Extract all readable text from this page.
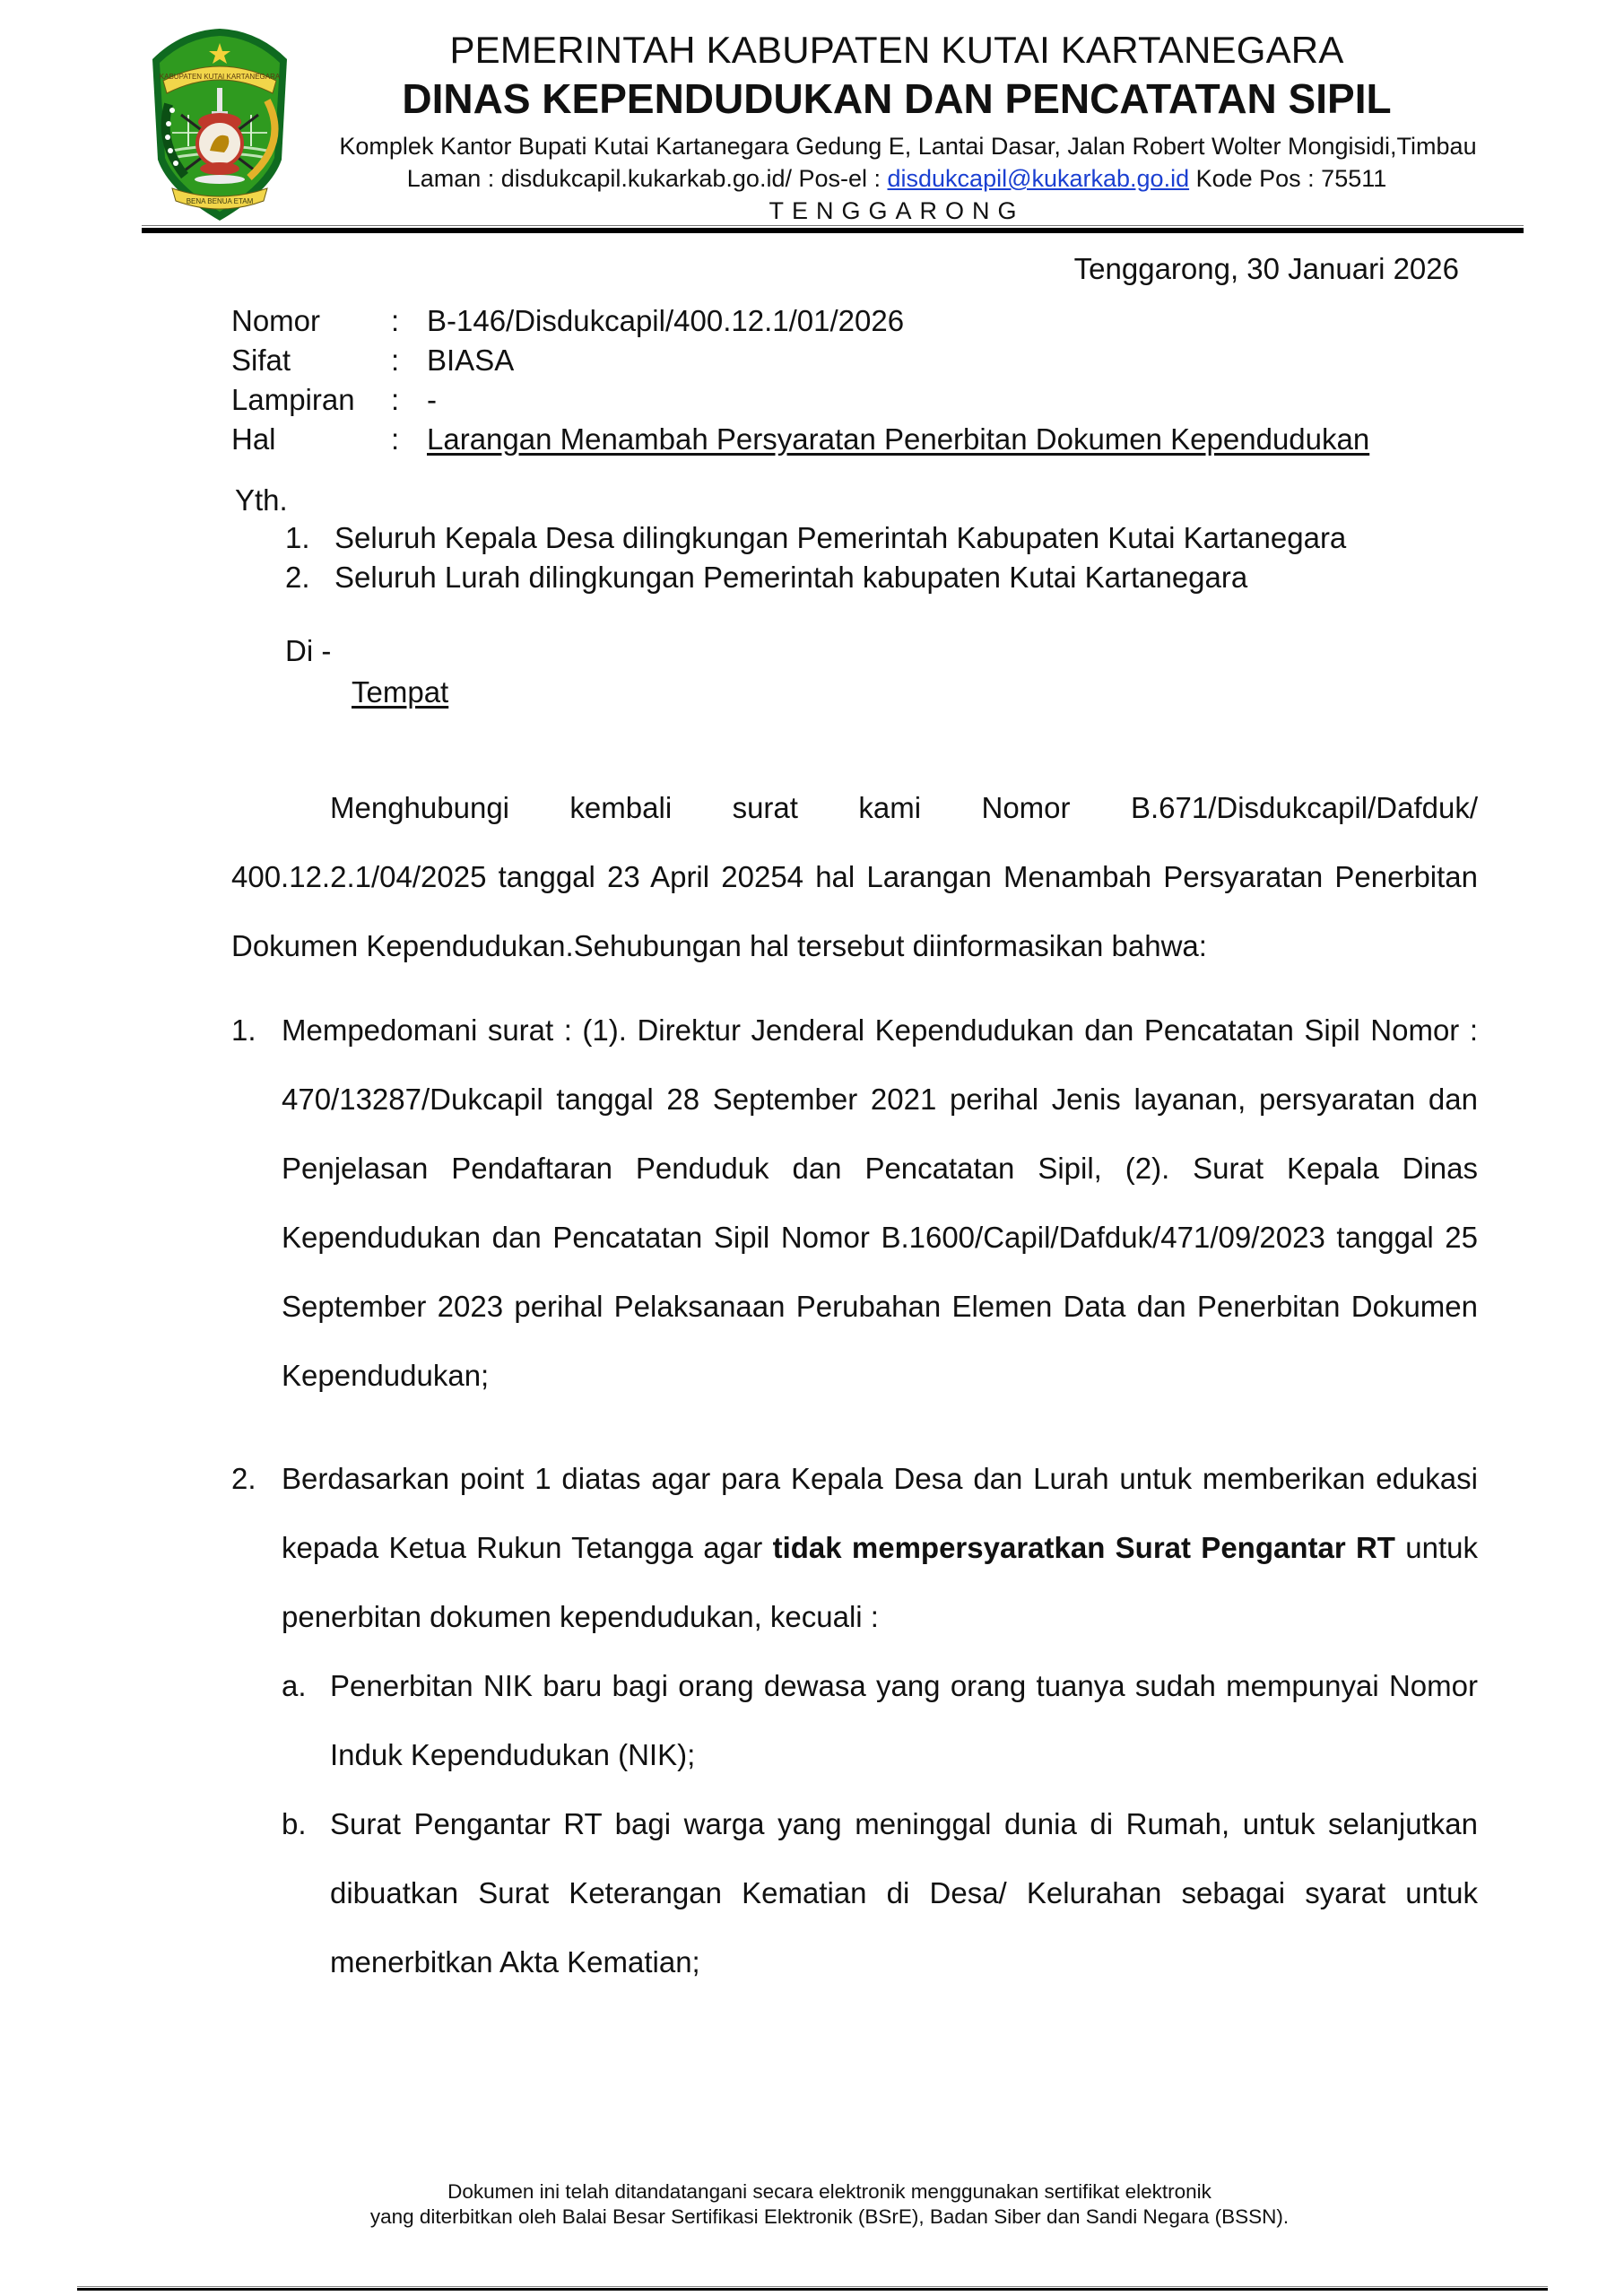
KABUPATEN KUTAI KARTANEGARA
BENA BENUA ETAM
PEMERINTAH KABUPATEN KUTAI KARTANEGARA
DINAS KEPENDUDUKAN DAN PENCATATAN SIPIL
Komplek Kantor Bupati Kutai Kartanegara Gedung E, Lantai Dasar, Jalan Robert Wolter Mongisidi,Timbau
Laman : disdukcapil.kukarkab.go.id/ Pos-el : disdukcapil@kukarkab.go.id Kode Pos : 75511
TENGGARONG
Tenggarong, 30 Januari 2026
Nomor	: B-146/Disdukcapil/400.12.1/01/2026
Sifat	: BIASA
Lampiran	: -
Hal	: Larangan Menambah Persyaratan Penerbitan Dokumen Kependudukan
Yth.
1. Seluruh Kepala Desa dilingkungan Pemerintah Kabupaten Kutai Kartanegara
2. Seluruh Lurah dilingkungan Pemerintah kabupaten Kutai Kartanegara
Di -
Tempat
Menghubungi kembali surat kami Nomor B.671/Disdukcapil/Dafduk/ 400.12.2.1/04/2025 tanggal 23 April 20254 hal Larangan Menambah Persyaratan Penerbitan Dokumen Kependudukan.Sehubungan hal tersebut diinformasikan bahwa:
1. Mempedomani surat : (1). Direktur Jenderal Kependudukan dan Pencatatan Sipil Nomor : 470/13287/Dukcapil tanggal 28 September 2021 perihal Jenis layanan, persyaratan dan Penjelasan Pendaftaran Penduduk dan Pencatatan Sipil, (2). Surat Kepala Dinas Kependudukan dan Pencatatan Sipil Nomor B.1600/Capil/Dafduk/471/09/2023 tanggal 25 September 2023 perihal Pelaksanaan Perubahan Elemen Data dan Penerbitan Dokumen Kependudukan;
2. Berdasarkan point 1 diatas agar para Kepala Desa dan Lurah untuk memberikan edukasi kepada Ketua Rukun Tetangga agar tidak mempersyaratkan Surat Pengantar RT untuk penerbitan dokumen kependudukan, kecuali :
a. Penerbitan NIK baru bagi orang dewasa yang orang tuanya sudah mempunyai Nomor Induk Kependudukan (NIK);
b. Surat Pengantar RT bagi warga yang meninggal dunia di Rumah, untuk selanjutkan dibuatkan Surat Keterangan Kematian di Desa/ Kelurahan sebagai syarat untuk menerbitkan Akta Kematian;
Dokumen ini telah ditandatangani secara elektronik menggunakan sertifikat elektronik
yang diterbitkan oleh Balai Besar Sertifikasi Elektronik (BSrE), Badan Siber dan Sandi Negara (BSSN).
